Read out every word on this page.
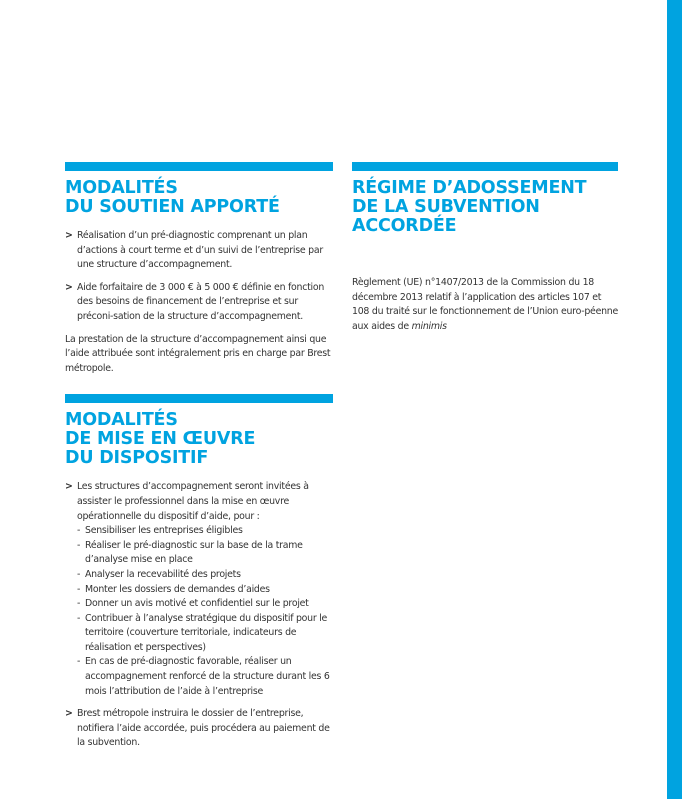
MODALITÉS
DU SOUTIEN APPORTÉ
> Réalisation d’un pré-diagnostic comprenant un plan d’actions à court terme et d’un suivi de l’entreprise par une structure d’accompagnement.
> Aide forfaitaire de 3 000 € à 5 000 € définie en fonction des besoins de financement de l’entreprise et sur préconi-sation de la structure d’accompagnement.

La prestation de la structure d’accompagnement ainsi que l’aide attribuée sont intégralement pris en charge par Brest métropole.

MODALITÉS
DE MISE EN ŒUVRE
DU DISPOSITIF
> Les structures d’accompagnement seront invitées à assister le professionnel dans la mise en œuvre opérationnelle du dispositif d’aide, pour :
- Sensibiliser les entreprises éligibles
- Réaliser le pré-diagnostic sur la base de la trame d’analyse mise en place
- Analyser la recevabilité des projets
- Monter les dossiers de demandes d’aides
- Donner un avis motivé et confidentiel sur le projet
- Contribuer à l’analyse stratégique du dispositif pour le territoire (couverture territoriale, indicateurs de réalisation et perspectives)
- En cas de pré-diagnostic favorable, réaliser un accompagnement renforcé de la structure durant les 6 mois l’attribution de l’aide à l’entreprise
> Brest métropole instruira le dossier de l’entreprise, notifiera l’aide accordée, puis procédera au paiement de la subvention.
RÉGIME D’ADOSSEMENT
DE LA SUBVENTION
ACCORDÉE

Règlement (UE) n°1407/2013 de la Commission du 18 décembre 2013 relatif à l’application des articles 107 et 108 du traité sur le fonctionnement de l’Union euro-péenne aux aides de minimis
